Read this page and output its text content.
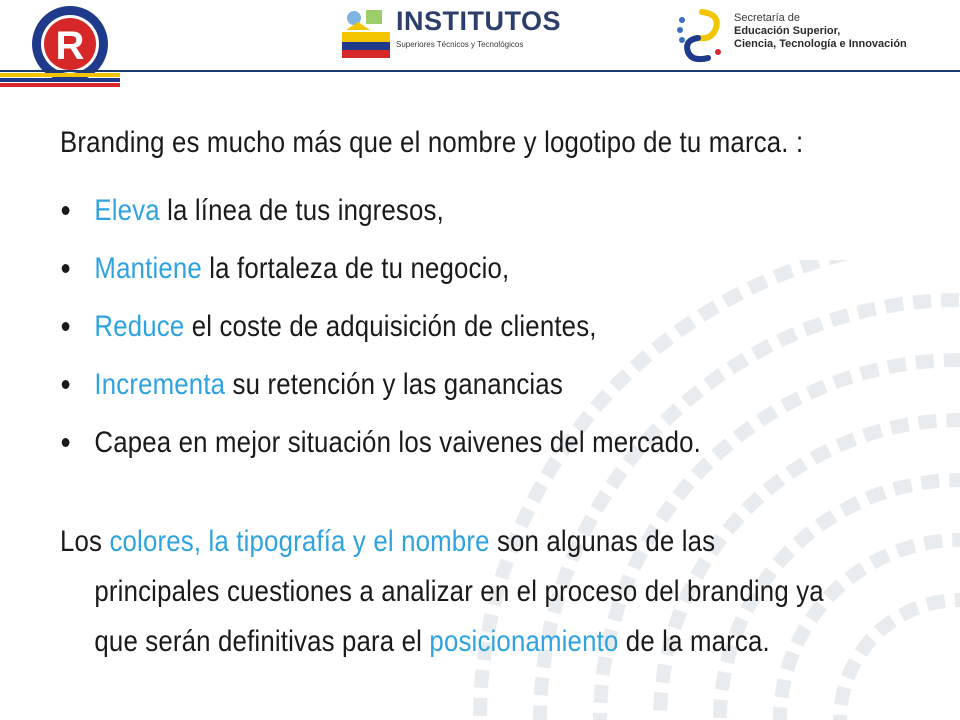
R
INSTITUTOS
Superiores Técnicos y Tecnológicos
Secretaría de
Educación Superior,
Ciencia, Tecnología e Innovación

Branding es mucho más que el nombre y logotipo de tu marca. :

Eleva la línea de tus ingresos,
Mantiene la fortaleza de tu negocio,
Reduce el coste de adquisición de clientes,
Incrementa su retención y las ganancias
Capea en mejor situación los vaivenes del mercado.
Los colores, la tipografía y el nombre son algunas de las
principales cuestiones a analizar en el proceso del branding ya
que serán definitivas para el posicionamiento de la marca.
